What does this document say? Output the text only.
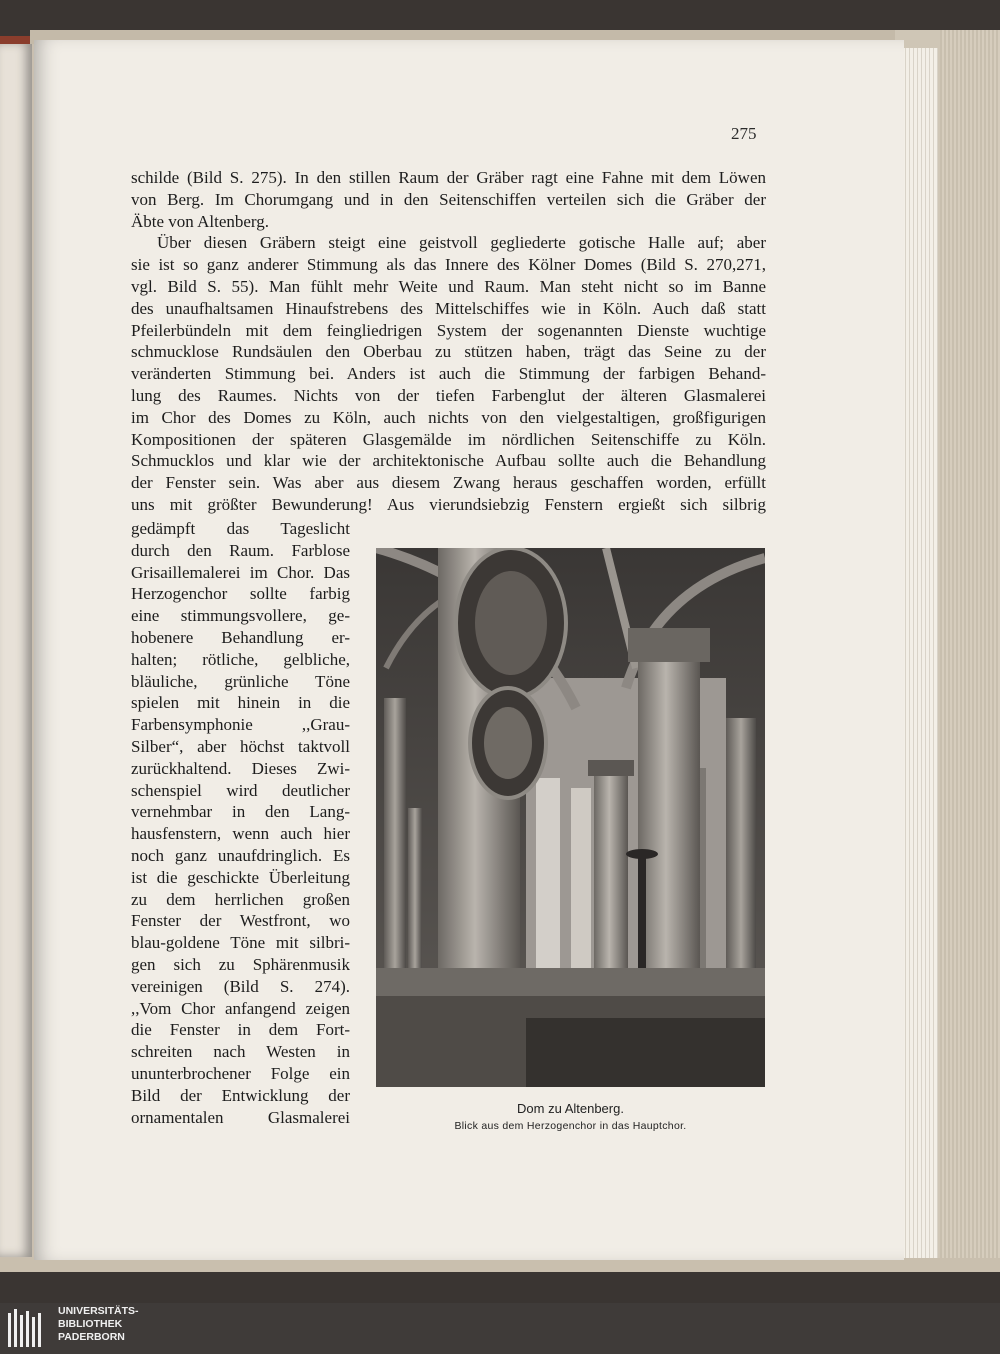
275
schilde (Bild S. 275). In den stillen Raum der Gräber ragt eine Fahne mit dem Löwen
von Berg. Im Chorumgang und in den Seitenschiffen verteilen sich die Gräber der
Äbte von Altenberg.
Über diesen Gräbern steigt eine geistvoll gegliederte gotische Halle auf; aber
sie ist so ganz anderer Stimmung als das Innere des Kölner Domes (Bild S. 270,271,
vgl. Bild S. 55). Man fühlt mehr Weite und Raum. Man steht nicht so im Banne
des unaufhaltsamen Hinaufstrebens des Mittelschiffes wie in Köln. Auch daß statt
Pfeilerbündeln mit dem feingliedrigen System der sogenannten Dienste wuchtige
schmucklose Rundsäulen den Oberbau zu stützen haben, trägt das Seine zu der
veränderten Stimmung bei. Anders ist auch die Stimmung der farbigen Behand-
lung des Raumes. Nichts von der tiefen Farbenglut der älteren Glasmalerei
im Chor des Domes zu Köln, auch nichts von den vielgestaltigen, großfigurigen
Kompositionen der späteren Glasgemälde im nördlichen Seitenschiffe zu Köln.
Schmucklos und klar wie der architektonische Aufbau sollte auch die Behandlung
der Fenster sein. Was aber aus diesem Zwang heraus geschaffen worden, erfüllt
uns mit größter Bewunderung! Aus vierundsiebzig Fenstern ergießt sich silbrig
gedämpft das Tageslicht
durch den Raum. Farblose
Grisaillemalerei im Chor. Das
Herzogenchor sollte farbig
eine stimmungsvollere, ge-
hobenere Behandlung er-
halten; rötliche, gelbliche,
bläuliche, grünliche Töne
spielen mit hinein in die
Farbensymphonie ,,Grau-
Silber“, aber höchst taktvoll
zurückhaltend. Dieses Zwi-
schenspiel wird deutlicher
vernehmbar in den Lang-
hausfenstern, wenn auch hier
noch ganz unaufdringlich. Es
ist die geschickte Überleitung
zu dem herrlichen großen
Fenster der Westfront, wo
blau-goldene Töne mit silbri-
gen sich zu Sphärenmusik
vereinigen (Bild S. 274).
,,Vom Chor anfangend zeigen
die Fenster in dem Fort-
schreiten nach Westen in
ununterbrochener Folge ein
Bild der Entwicklung der
ornamentalen Glasmalerei	Dom zu Altenberg.
Blick aus dem Herzogenchor in das Hauptchor.
UNIVERSITÄTS-
BIBLIOTHEK
PADERBORN
